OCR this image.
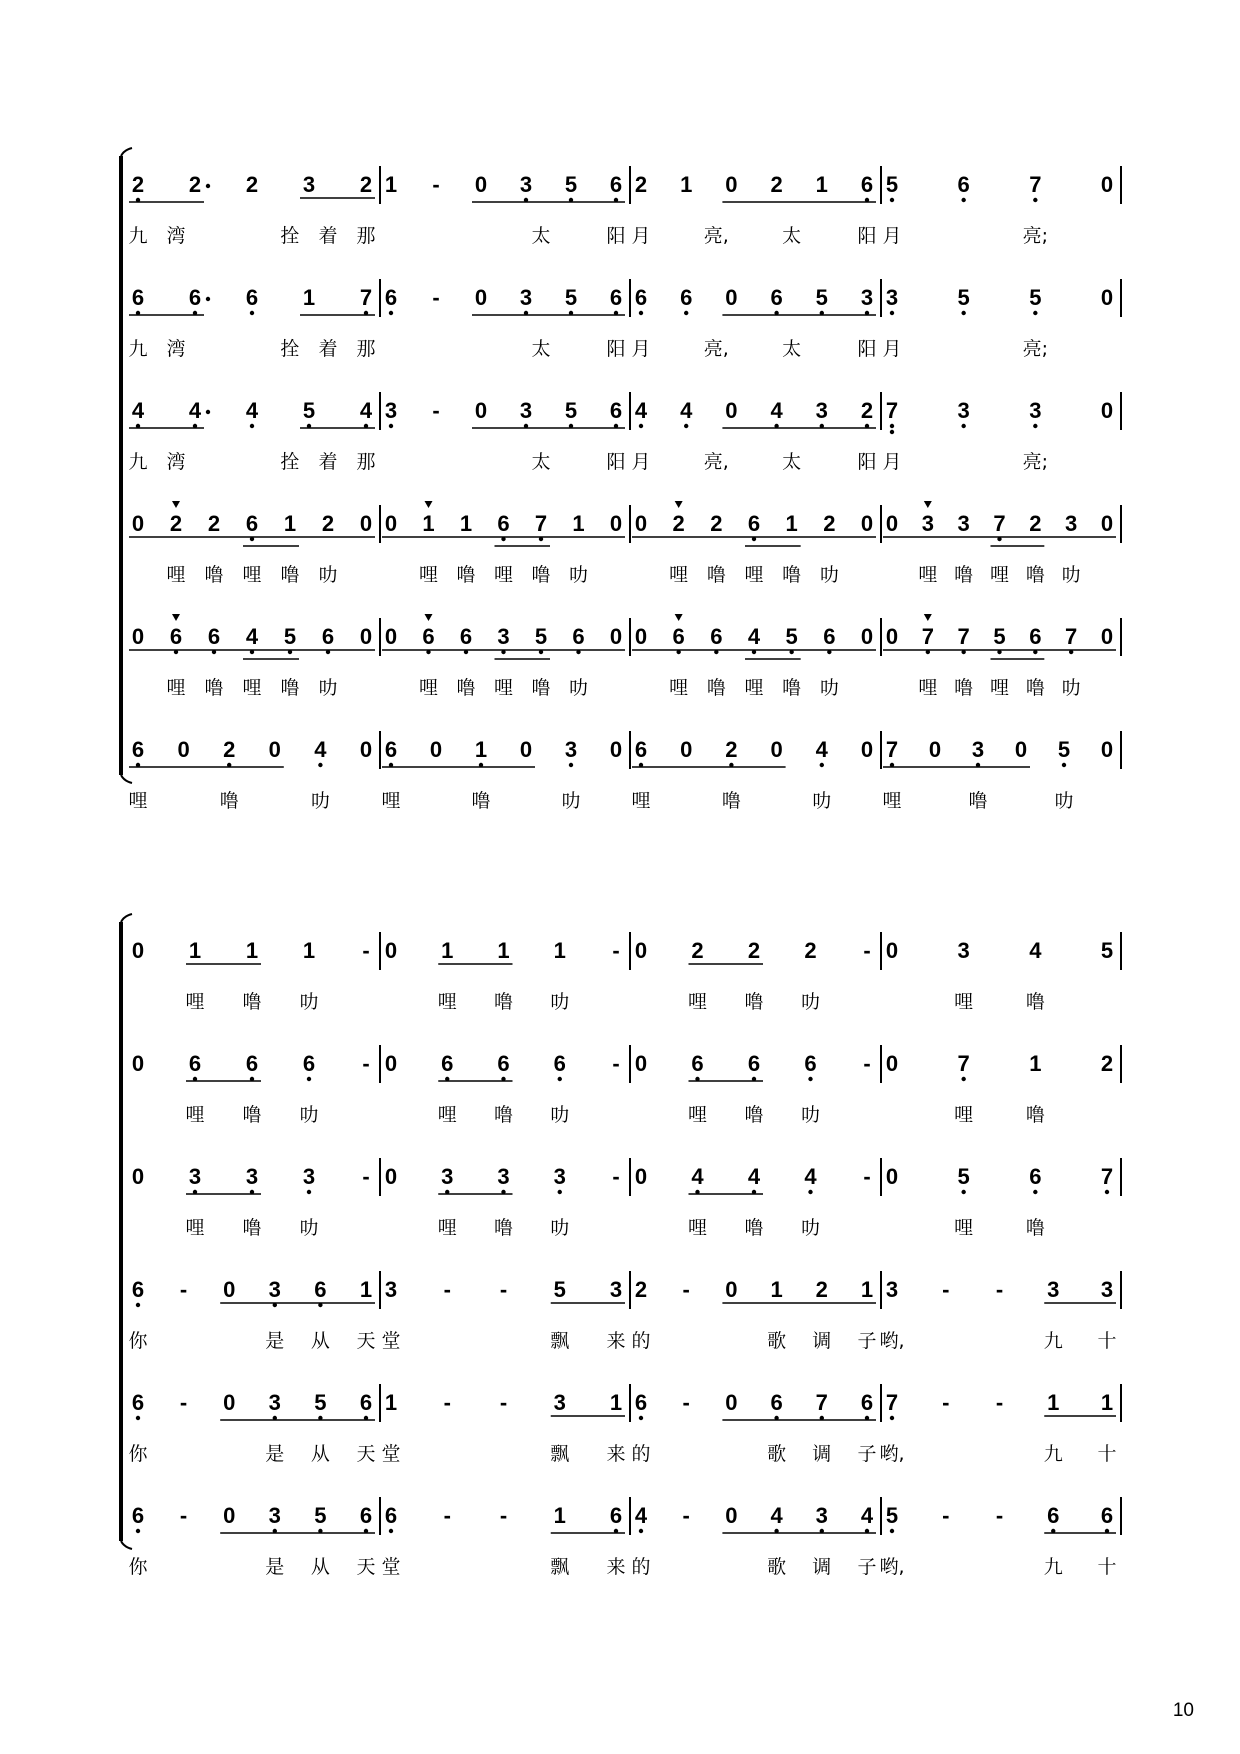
2 2 2 3 2
九 湾	拴 着 那
1 - 0 3 5 6
太	阳
2 1 0 2 1 6
月	亮,	太	阳
5	6	7	0
月	亮;
6 6 6 1 7
九 湾	拴 着 那
6 - 0 3 5 6
太	阳
6 6 0 6 5 3
月	亮,	太	阳
3	5	5	0
月	亮;
4 4 4 5 4
九 湾	拴 着 那
3 - 0 3 5 6
太	阳
4 4 0 4 3 2
月	亮,	太	阳
7	3	3	0
月	亮;
0 2 2 6 1 2 0
哩 噜 哩 噜 叻
0 1 1 6 7 1 0
哩 噜 哩 噜 叻
0 2 2 6 1 2 0
哩 噜 哩 噜 叻
0 3 3 7 2 3 0
哩 噜 哩 噜 叻
0 6 6 4 5 6 0
哩 噜 哩 噜 叻
0 6 6 3 5 6 0
哩 噜 哩 噜 叻
0 6 6 4 5 6 0
哩 噜 哩 噜 叻
0 7 7 5 6 7 0
哩 噜 哩 噜 叻
6 0 2 0 4 0
哩	噜	叻
6 0 1 0 3 0
哩	噜	叻
6 0 2 0 4 0
哩	噜	叻
7 0 3 0 5 0
哩	噜	叻
0 1 1 1 -
哩 噜 叻
0 1 1 1 -
哩 噜 叻
0 2 2 2 -
哩 噜 叻
0	3	4	5
哩	噜
0 6 6 6 -
哩 噜 叻
0 6 6 6 -
哩 噜 叻
0 6 6 6 -
哩 噜 叻
0	7	1	2
哩	噜
0 3 3 3 -
哩 噜 叻
0 3 3 3 -
哩 噜 叻
0 4 4 4 -
哩 噜 叻
0	5	6	7
哩	噜
6 - 0 3 6 1
你	是 从 天
3 - - 5 3
堂	飘 来
2 - 0 1 2 1
的	歌 调 子
3 - - 3 3
哟,	九 十
6 - 0 3 5 6
你	是 从 天
1 - - 3 1
堂	飘 来
6 - 0 6 7 6
的	歌 调 子
7 - - 1 1
哟,	九 十
6 - 0 3 5 6
你	是 从 天
6 - - 1 6
堂	飘 来
4 - 0 4 3 4
的	歌 调 子
5 - - 6 6
哟,	九 十
10
